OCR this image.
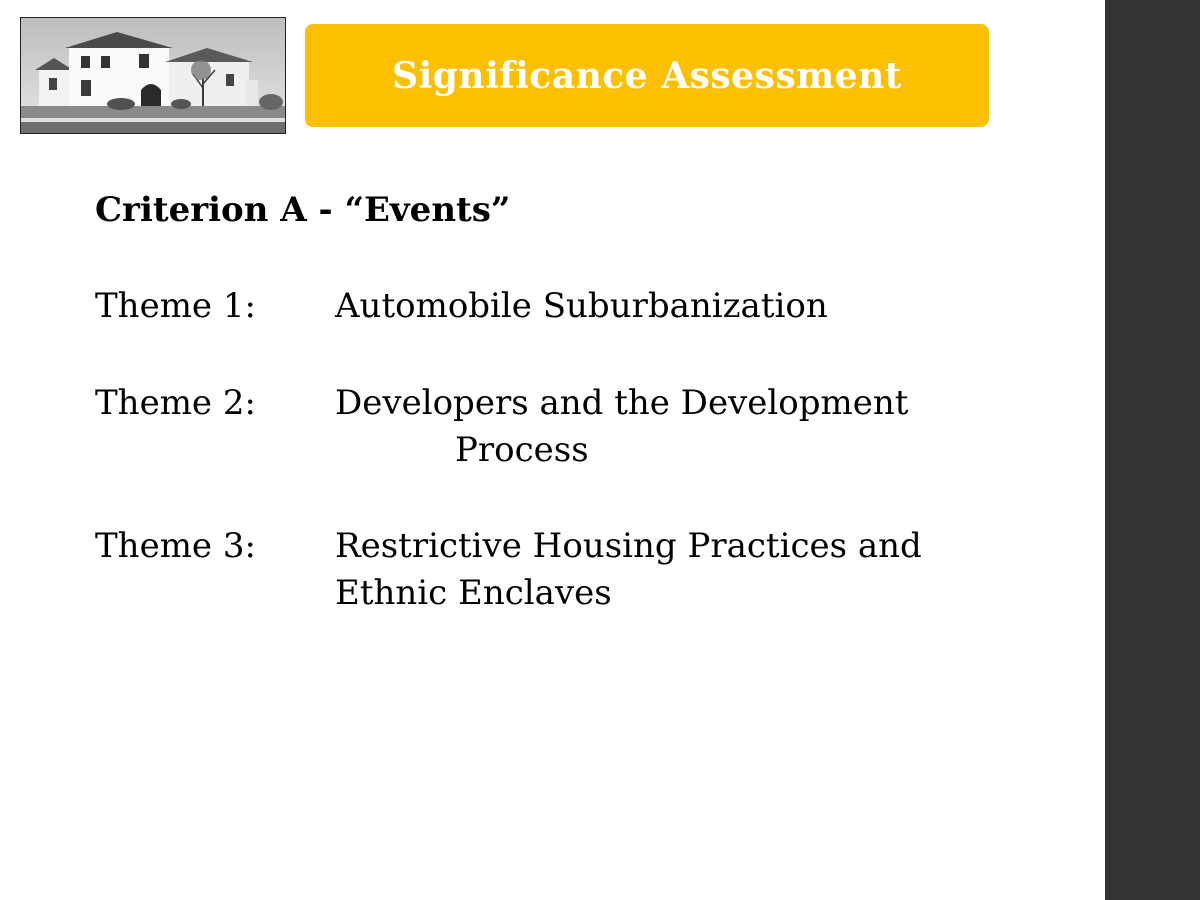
Significance Assessment
Criterion A - “Events”
Theme 1: Automobile Suburbanization
Theme 2: Developers and the Development
Process
Theme 3: Restrictive Housing Practices and
Ethnic Enclaves
